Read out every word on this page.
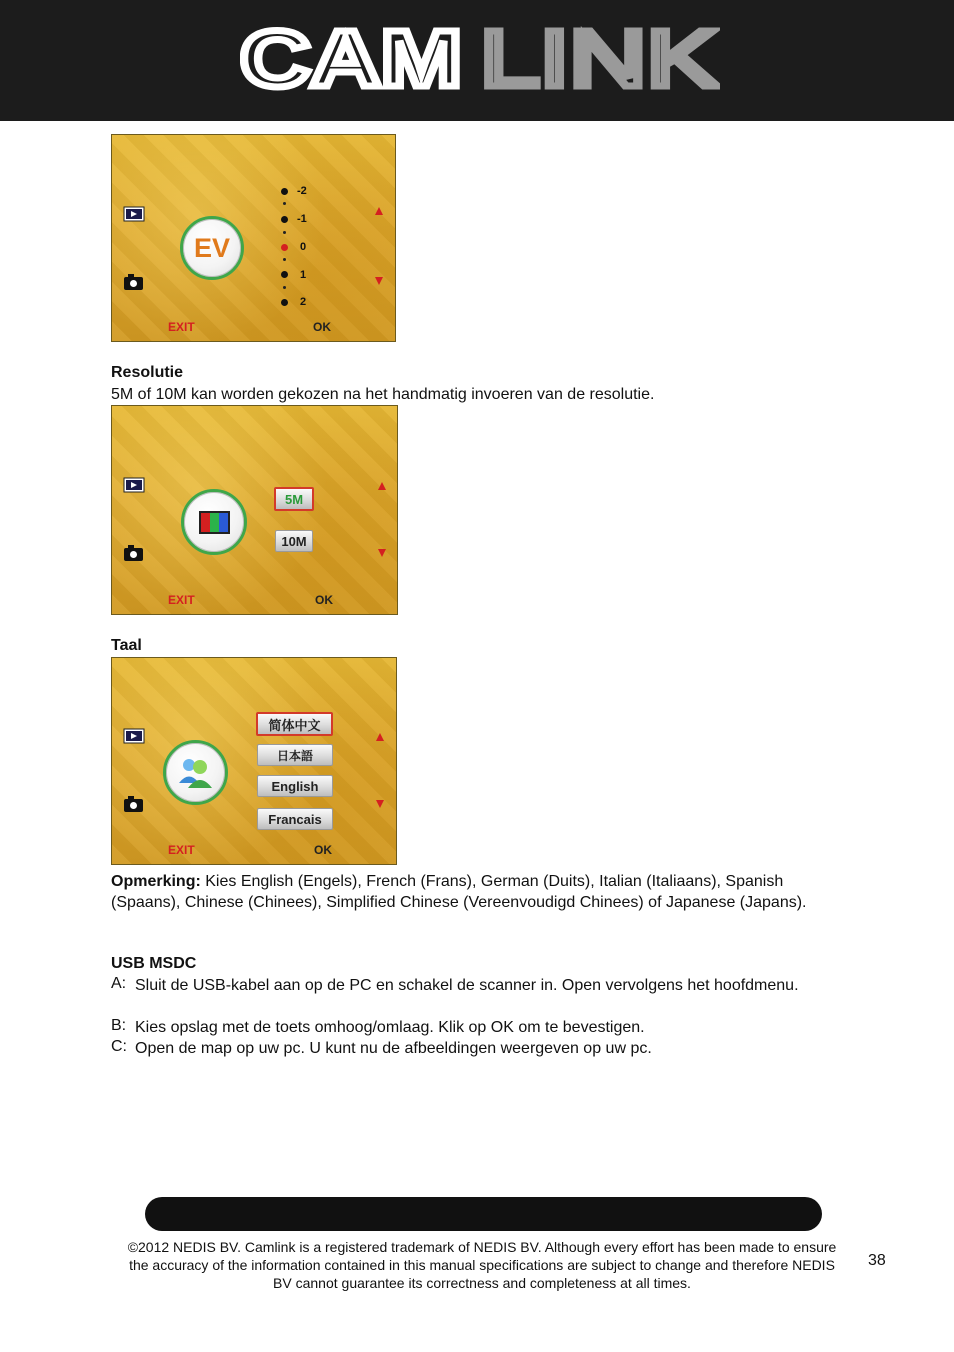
CAM LINK
EV
-2
-1
0
1
2
EXIT	OK
Resolutie
5M of 10M kan worden gekozen na het handmatig invoeren van de resolutie.
5M
10M
EXIT	OK
Taal
简体中文
日本語
English
Francais
EXIT	OK
Opmerking: Kies English (Engels), French (Frans), German (Duits), Italian (Italiaans), Spanish (Spaans), Chinese (Chinees), Simplified Chinese (Vereenvoudigd Chinees) of Japanese (Japans).
USB MSDC
A: Sluit de USB-kabel aan op de PC en schakel de scanner in. Open vervolgens het hoofdmenu.
B: Kies opslag met de toets omhoog/omlaag. Klik op OK om te bevestigen.
C: Open de map op uw pc. U kunt nu de afbeeldingen weergeven op uw pc.
©2012 NEDIS BV. Camlink is a registered trademark of NEDIS BV. Although every effort has been made to ensure the accuracy of the information contained in this manual specifications are subject to change and therefore NEDIS BV cannot guarantee its correctness and completeness at all times.
38
